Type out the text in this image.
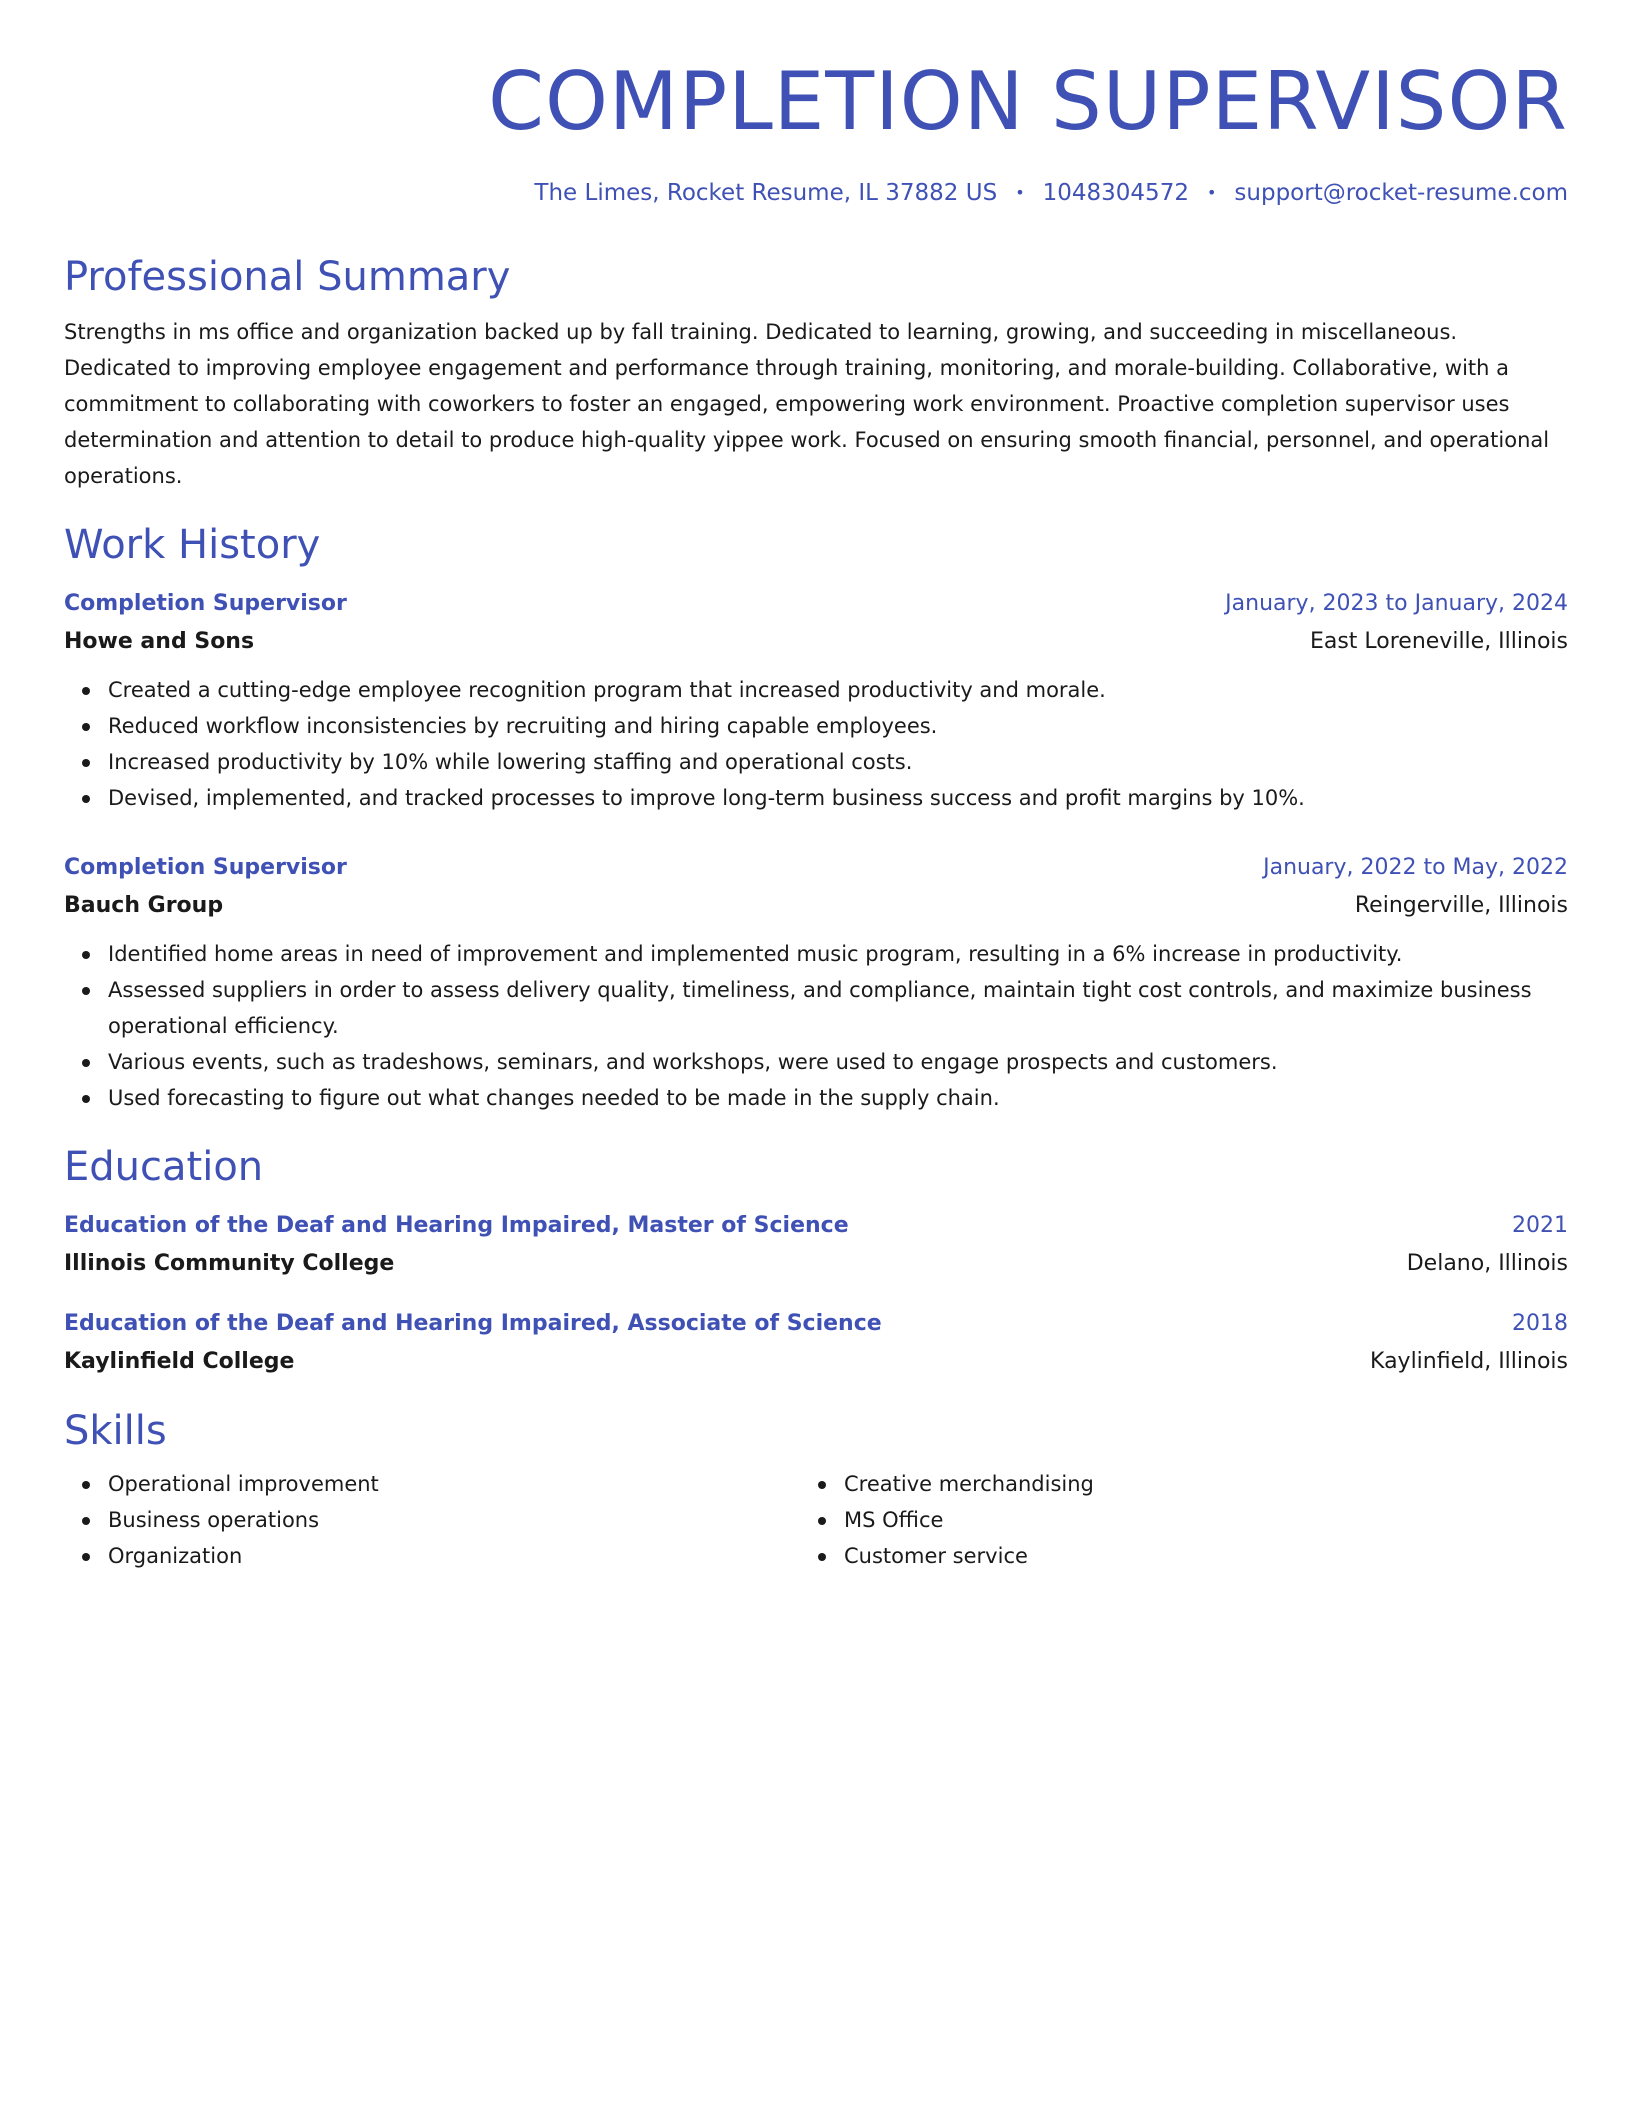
COMPLETION SUPERVISOR
The Limes, Rocket Resume, IL 37882 US • 1048304572 • support@rocket-resume.com
Professional Summary
Strengths in ms office and organization backed up by fall training. Dedicated to learning, growing, and succeeding in miscellaneous. Dedicated to improving employee engagement and performance through training, monitoring, and morale-building. Collaborative, with a commitment to collaborating with coworkers to foster an engaged, empowering work environment. Proactive completion supervisor uses determination and attention to detail to produce high-quality yippee work. Focused on ensuring smooth financial, personnel, and operational operations.
Work History
Completion Supervisor	January, 2023 to January, 2024
Howe and Sons	East Loreneville, Illinois
Created a cutting-edge employee recognition program that increased productivity and morale.
Reduced workflow inconsistencies by recruiting and hiring capable employees.
Increased productivity by 10% while lowering staffing and operational costs.
Devised, implemented, and tracked processes to improve long-term business success and profit margins by 10%.
Completion Supervisor	January, 2022 to May, 2022
Bauch Group	Reingerville, Illinois
Identified home areas in need of improvement and implemented music program, resulting in a 6% increase in productivity.
Assessed suppliers in order to assess delivery quality, timeliness, and compliance, maintain tight cost controls, and maximize business operational efficiency.
Various events, such as tradeshows, seminars, and workshops, were used to engage prospects and customers.
Used forecasting to figure out what changes needed to be made in the supply chain.
Education
Education of the Deaf and Hearing Impaired, Master of Science	2021
Illinois Community College	Delano, Illinois
Education of the Deaf and Hearing Impaired, Associate of Science	2018
Kaylinfield College	Kaylinfield, Illinois
Skills
Operational improvement
Business operations
Organization
Creative merchandising
MS Office
Customer service
